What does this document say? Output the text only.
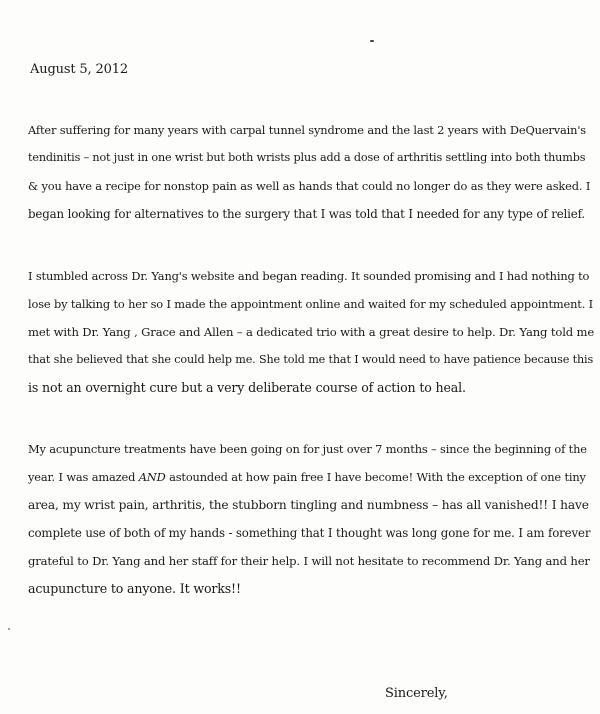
August 5, 2012
After suffering for many years with carpal tunnel syndrome and the last 2 years with DeQuervain's
tendinitis – not just in one wrist but both wrists plus add a dose of arthritis settling into both thumbs
& you have a recipe for nonstop pain as well as hands that could no longer do as they were asked. I
began looking for alternatives to the surgery that I was told that I needed for any type of relief.
I stumbled across Dr. Yang's website and began reading. It sounded promising and I had nothing to
lose by talking to her so I made the appointment online and waited for my scheduled appointment. I
met with Dr. Yang , Grace and Allen – a dedicated trio with a great desire to help. Dr. Yang told me
that she believed that she could help me. She told me that I would need to have patience because this
is not an overnight cure but a very deliberate course of action to heal.
My acupuncture treatments have been going on for just over 7 months – since the beginning of the
year. I was amazed AND astounded at how pain free I have become! With the exception of one tiny
area, my wrist pain, arthritis, the stubborn tingling and numbness – has all vanished!! I have
complete use of both of my hands - something that I thought was long gone for me. I am forever
grateful to Dr. Yang and her staff for their help. I will not hesitate to recommend Dr. Yang and her
acupuncture to anyone. It works!!
Sincerely,
